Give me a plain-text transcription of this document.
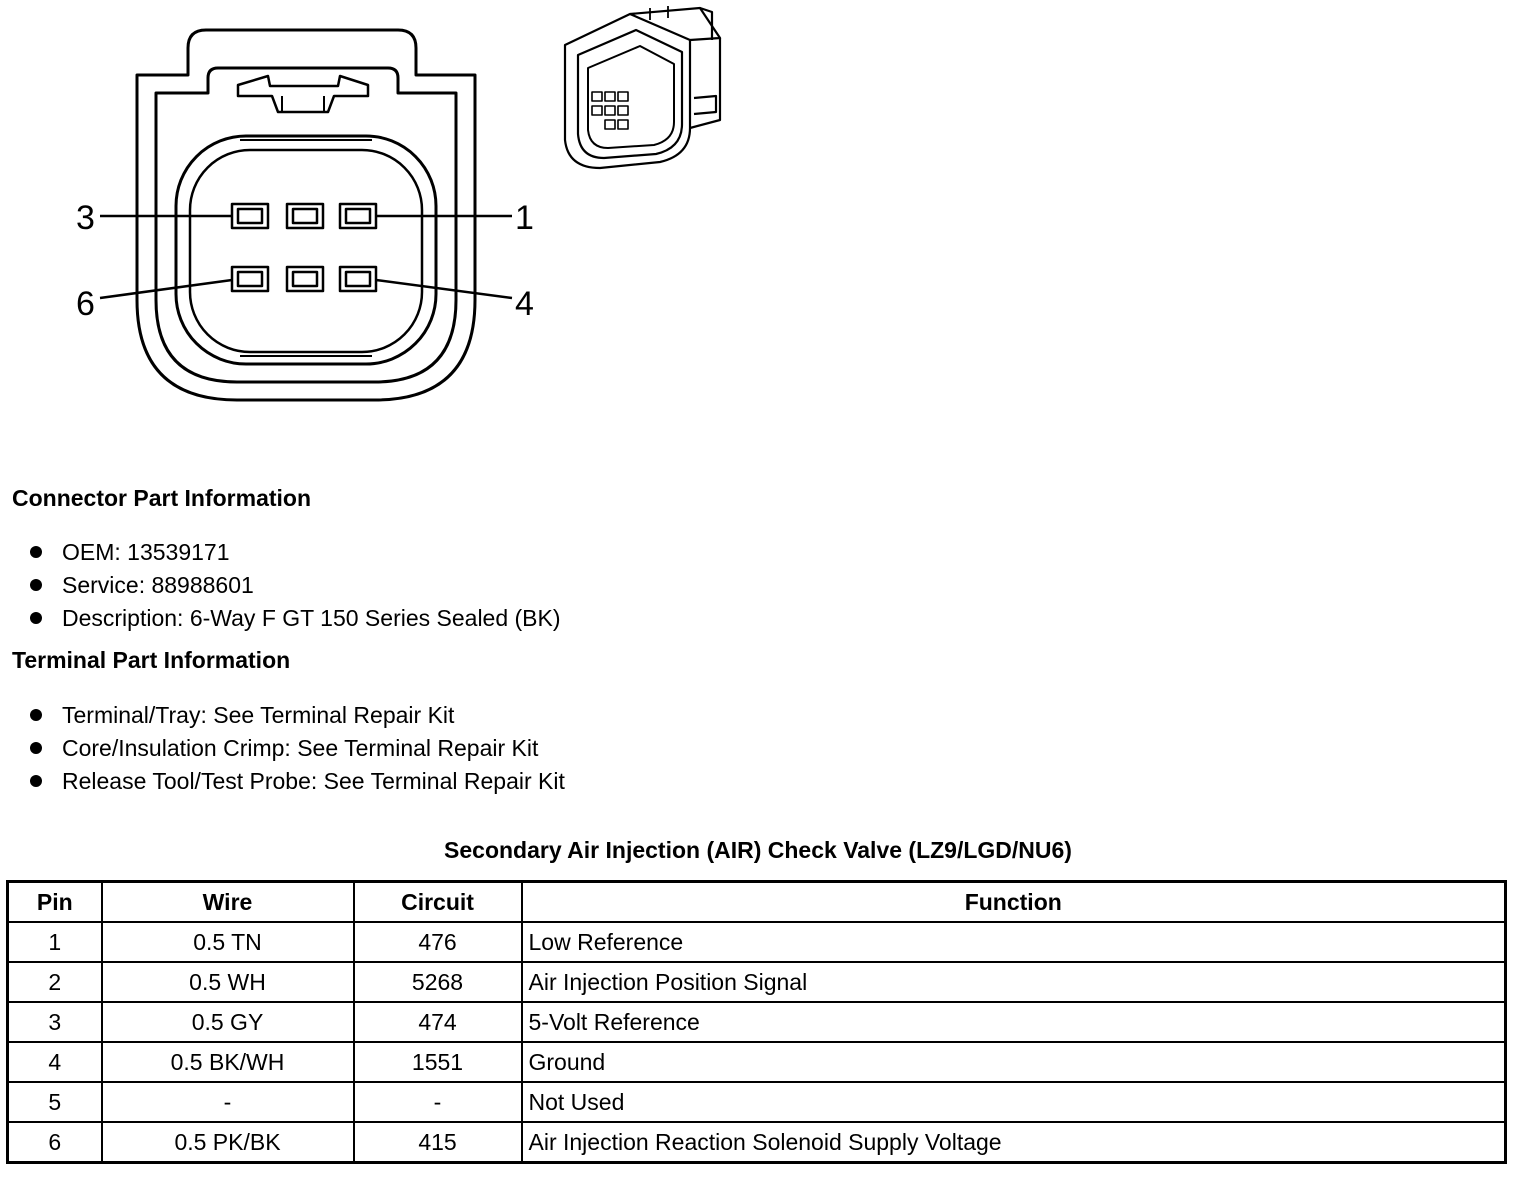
3	1
6	4
Connector Part Information
OEM: 13539171
Service: 88988601
Description: 6-Way F GT 150 Series Sealed (BK)
Terminal Part Information
Terminal/Tray: See Terminal Repair Kit
Core/Insulation Crimp: See Terminal Repair Kit
Release Tool/Test Probe: See Terminal Repair Kit
Secondary Air Injection (AIR) Check Valve (LZ9/LGD/NU6)
Pin	Wire	Circuit	Function
1	0.5 TN	476	Low Reference
2	0.5 WH	5268	Air Injection Position Signal
3	0.5 GY	474	5-Volt Reference
4	0.5 BK/WH	1551	Ground
5	-	-	Not Used
6	0.5 PK/BK	415	Air Injection Reaction Solenoid Supply Voltage
